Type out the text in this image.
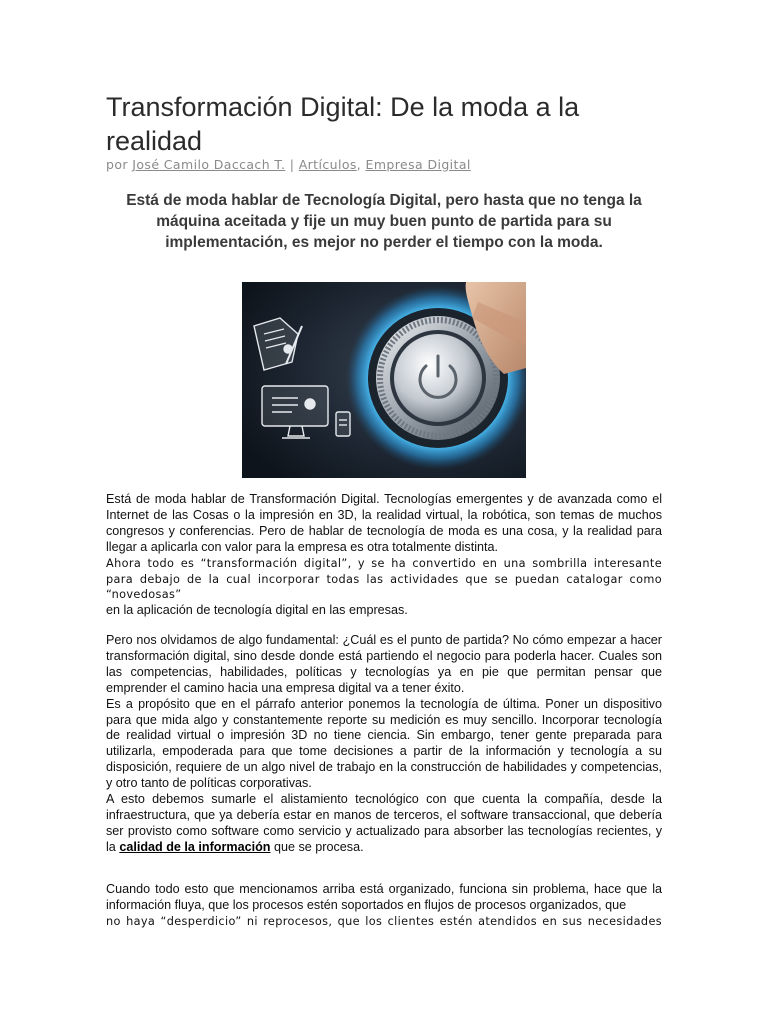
Transformación Digital: De la moda a la realidad
por José Camilo Daccach T. | Artículos, Empresa Digital

Está de moda hablar de Tecnología Digital, pero hasta que no tenga la máquina aceitada y fije un muy buen punto de partida para su implementación, es mejor no perder el tiempo con la moda.

Está de moda hablar de Transformación Digital. Tecnologías emergentes y de avanzada como el Internet de las Cosas o la impresión en 3D, la realidad virtual, la robótica, son temas de muchos congresos y conferencias. Pero de hablar de tecnología de moda es una cosa, y la realidad para llegar a aplicarla con valor para la empresa es otra totalmente distinta.

Ahora todo es “transformación digital”, y se ha convertido en una sombrilla interesante para debajo de la cual incorporar todas las actividades que se puedan catalogar como “novedosas”

en la aplicación de tecnología digital en las empresas.

Pero nos olvidamos de algo fundamental: ¿Cuál es el punto de partida? No cómo empezar a hacer transformación digital, sino desde donde está partiendo el negocio para poderla hacer. Cuales son las competencias, habilidades, políticas y tecnologías ya en pie que permitan pensar que emprender el camino hacia una empresa digital va a tener éxito.

Es a propósito que en el párrafo anterior ponemos la tecnología de última. Poner un dispositivo para que mida algo y constantemente reporte su medición es muy sencillo. Incorporar tecnología de realidad virtual o impresión 3D no tiene ciencia. Sin embargo, tener gente preparada para utilizarla, empoderada para que tome decisiones a partir de la información y tecnología a su disposición, requiere de un algo nivel de trabajo en la construcción de habilidades y competencias, y otro tanto de políticas corporativas.

A esto debemos sumarle el alistamiento tecnológico con que cuenta la compañía, desde la infraestructura, que ya debería estar en manos de terceros, el software transaccional, que debería ser provisto como software como servicio y actualizado para absorber las tecnologías recientes, y la calidad de la información que se procesa.

Cuando todo esto que mencionamos arriba está organizado, funciona sin problema, hace que la información fluya, que los procesos estén soportados en flujos de procesos organizados, que

no haya “desperdicio” ni reprocesos, que los clientes estén atendidos en sus necesidades
